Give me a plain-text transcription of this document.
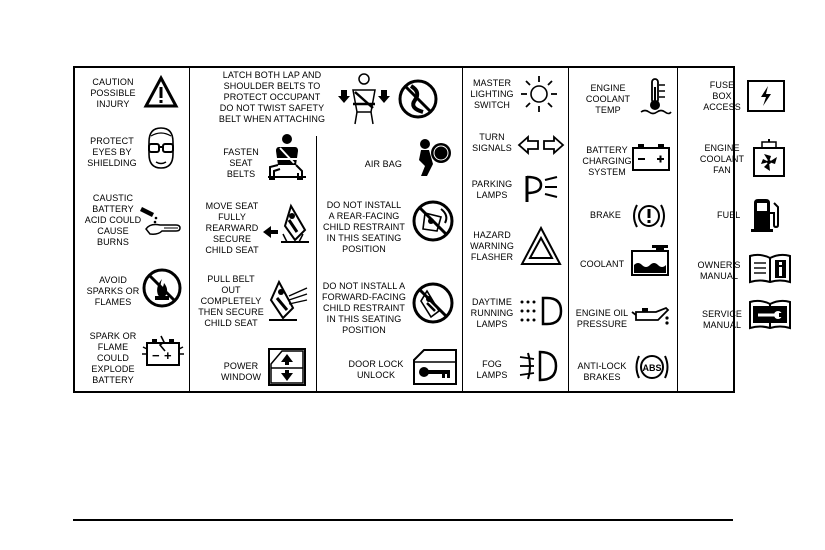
CAUTION
POSSIBLE
INJURY
PROTECT
EYES BY
SHIELDING
CAUSTIC
BATTERY
ACID COULD
CAUSE
BURNS
AVOID
SPARKS OR
FLAMES
SPARK OR
FLAME
COULD
EXPLODE
BATTERY
− +
LATCH BOTH LAP AND
SHOULDER BELTS TO
PROTECT OCCUPANT
DO NOT TWIST SAFETY
BELT WHEN ATTACHING
FASTEN
SEAT
BELTS
AIR BAG
MOVE SEAT
FULLY
REARWARD
SECURE
CHILD SEAT
DO NOT INSTALL
A REAR-FACING
CHILD RESTRAINT
IN THIS SEATING
POSITION
PULL BELT
OUT
COMPLETELY
THEN SECURE
CHILD SEAT
DO NOT INSTALL A
FORWARD-FACING
CHILD RESTRAINT
IN THIS SEATING
POSITION
POWER
WINDOW
DOOR LOCK
UNLOCK
MASTER
LIGHTING
SWITCH
TURN
SIGNALS
PARKING
LAMPS
HAZARD
WARNING
FLASHER
DAYTIME
RUNNING
LAMPS
FOG
LAMPS
ENGINE
COOLANT
TEMP
BATTERY
CHARGING
SYSTEM
BRAKE
COOLANT
ENGINE OIL
PRESSURE
ANTI-LOCK
BRAKES
ABS
FUSE
BOX
ACCESS
ENGINE
COOLANT
FAN
FUEL
OWNER'S
MANUAL
SERVICE
MANUAL
